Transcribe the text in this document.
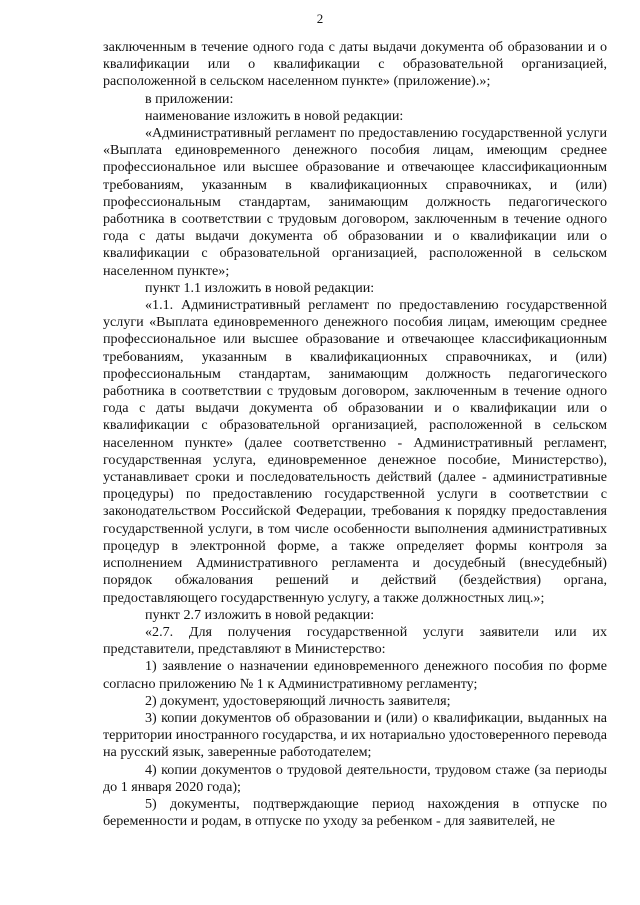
2

заключенным в течение одного года с даты выдачи документа об образовании и о квалификации или о квалификации с образовательной организацией, расположенной в сельском населенном пункте» (приложение).»;

в приложении:

наименование изложить в новой редакции:

«Административный регламент по предоставлению государственной услуги «Выплата единовременного денежного пособия лицам, имеющим среднее профессиональное или высшее образование и отвечающее классификационным требованиям, указанным в квалификационных справочниках, и (или) профессиональным стандартам, занимающим должность педагогического работника в соответствии с трудовым договором, заключенным в течение одного года с даты выдачи документа об образовании и о квалификации или о квалификации с образовательной организацией, расположенной в сельском населенном пункте»;

пункт 1.1 изложить в новой редакции:

«1.1. Административный регламент по предоставлению государственной услуги «Выплата единовременного денежного пособия лицам, имеющим среднее профессиональное или высшее образование и отвечающее классификационным требованиям, указанным в квалификационных справочниках, и (или) профессиональным стандартам, занимающим должность педагогического работника в соответствии с трудовым договором, заключенным в течение одного года с даты выдачи документа об образовании и о квалификации или о квалификации с образовательной организацией, расположенной в сельском населенном пункте» (далее соответственно - Административный регламент, государственная услуга, единовременное денежное пособие, Министерство), устанавливает сроки и последовательность действий (далее - административные процедуры) по предоставлению государственной услуги в соответствии с законодательством Российской Федерации, требования к порядку предоставления государственной услуги, в том числе особенности выполнения административных процедур в электронной форме, а также определяет формы контроля за исполнением Административного регламента и досудебный (внесудебный) порядок обжалования решений и действий (бездействия) органа, предоставляющего государственную услугу, а также должностных лиц.»;

пункт 2.7 изложить в новой редакции:

«2.7. Для получения государственной услуги заявители или их представители, представляют в Министерство:

1) заявление о назначении единовременного денежного пособия по форме согласно приложению № 1 к Административному регламенту;

2) документ, удостоверяющий личность заявителя;

3) копии документов об образовании и (или) о квалификации, выданных на территории иностранного государства, и их нотариально удостоверенного перевода на русский язык, заверенные работодателем;

4) копии документов о трудовой деятельности, трудовом стаже (за периоды до 1 января 2020 года);

5) документы, подтверждающие период нахождения в отпуске по беременности и родам, в отпуске по уходу за ребенком - для заявителей, не
